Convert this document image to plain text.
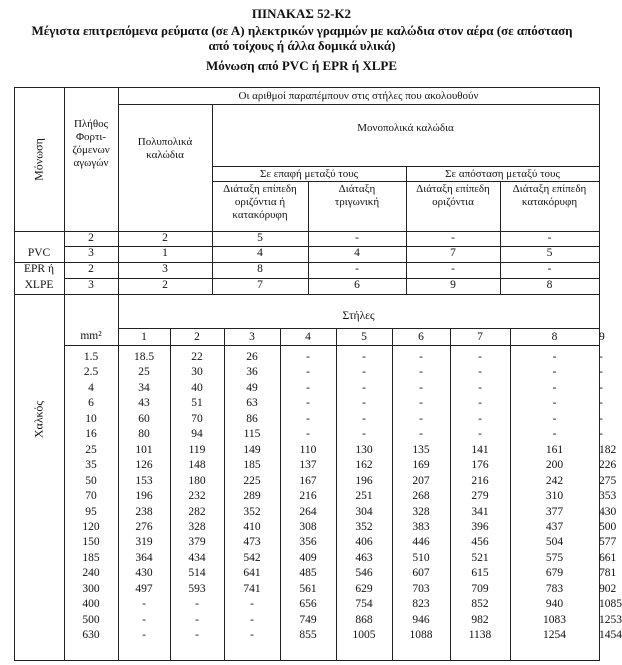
ΠΙΝΑΚΑΣ 52-Κ2
Μέγιστα επιτρεπόμενα ρεύματα (σε Α) ηλεκτρικών γραμμών με καλώδια στον αέρα (σε απόσταση από τοίχους ή άλλα δομικά υλικά)
Μόνωση από PVC ή EPR ή XLPE
Μόνωση
Πλήθος
Φορτι-
ζόμενων
αγωγών
Οι αριθμοί παραπέμπουν στις στήλες που ακολουθούν
Πολυπολικά
καλώδια
Μονοπολικά καλώδια
Σε επαφή μεταξύ τους	Σε απόσταση μεταξύ τους
Διάταξη επίπεδη
οριζόντια ή
κατακόρυφη
Διάταξη
τριγωνική
Διάταξη επίπεδη
οριζόντια
Διάταξη επίπεδη
κατακόρυφη
2	2	5	-	-	-
PVC	3	1	4	4	7	5
EPR ή	2	3	8	-	-	-
XLPE	3	2	7	6	9	8
Στήλες
mm²	1	2	3	4	5	6	7	8	9
Χαλκός
1.5	18.5	22	26	-	-	-	-	-	-
2.5	25	30	36	-	-	-	-	-	-
4	34	40	49	-	-	-	-	-	-
6	43	51	63	-	-	-	-	-	-
10	60	70	86	-	-	-	-	-	-
16	80	94	115	-	-	-	-	-	-
25	101	119	149	110	130	135	141	161	182
35	126	148	185	137	162	169	176	200	226
50	153	180	225	167	196	207	216	242	275
70	196	232	289	216	251	268	279	310	353
95	238	282	352	264	304	328	341	377	430
120	276	328	410	308	352	383	396	437	500
150	319	379	473	356	406	446	456	504	577
185	364	434	542	409	463	510	521	575	661
240	430	514	641	485	546	607	615	679	781
300	497	593	741	561	629	703	709	783	902
400	-	-	-	656	754	823	852	940	1085
500	-	-	-	749	868	946	982	1083	1253
630	-	-	-	855	1005	1088	1138	1254	1454
